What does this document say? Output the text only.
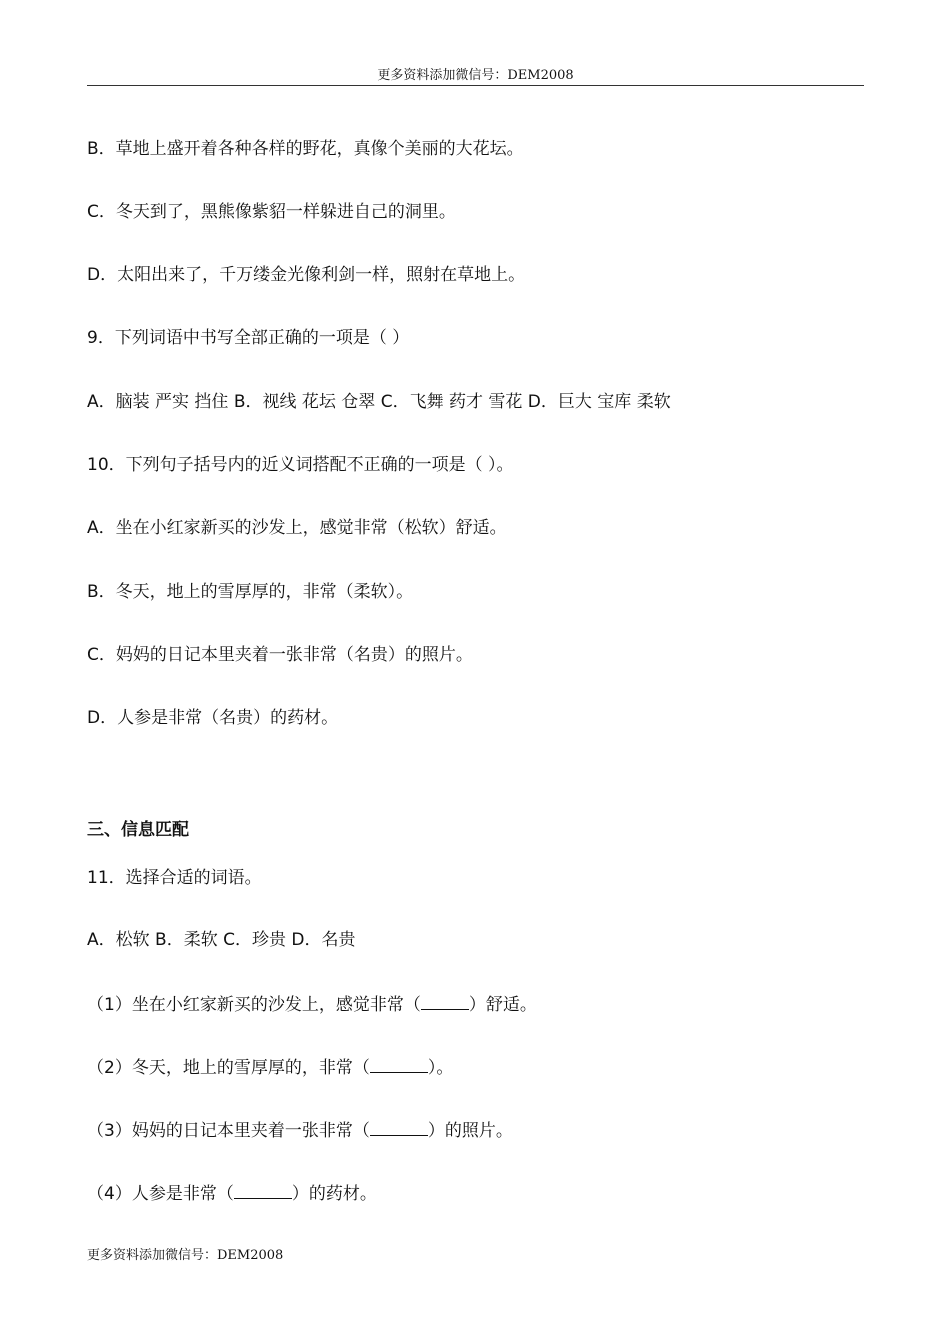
更多资料添加微信号：DEM2008
B．草地上盛开着各种各样的野花，真像个美丽的大花坛。
C．冬天到了，黑熊像紫貂一样躲进自己的洞里。
D．太阳出来了，千万缕金光像利剑一样，照射在草地上。
9．下列词语中书写全部正确的一项是（ ）
A．脑装 严实 挡住 B．视线 花坛 仓翠 C．飞舞 药才 雪花 D．巨大 宝库 柔软
10．下列句子括号内的近义词搭配不正确的一项是（ ）。
A．坐在小红家新买的沙发上，感觉非常（松软）舒适。
B．冬天，地上的雪厚厚的，非常（柔软）。
C．妈妈的日记本里夹着一张非常（名贵）的照片。
D．人参是非常（名贵）的药材。
三、信息匹配
11．选择合适的词语。
A．松软 B．柔软 C．珍贵 D．名贵
（1）坐在小红家新买的沙发上，感觉非常（	）舒适。
（2）冬天，地上的雪厚厚的，非常（	）。
（3）妈妈的日记本里夹着一张非常（	）的照片。
（4）人参是非常（	）的药材。
更多资料添加微信号：DEM2008
